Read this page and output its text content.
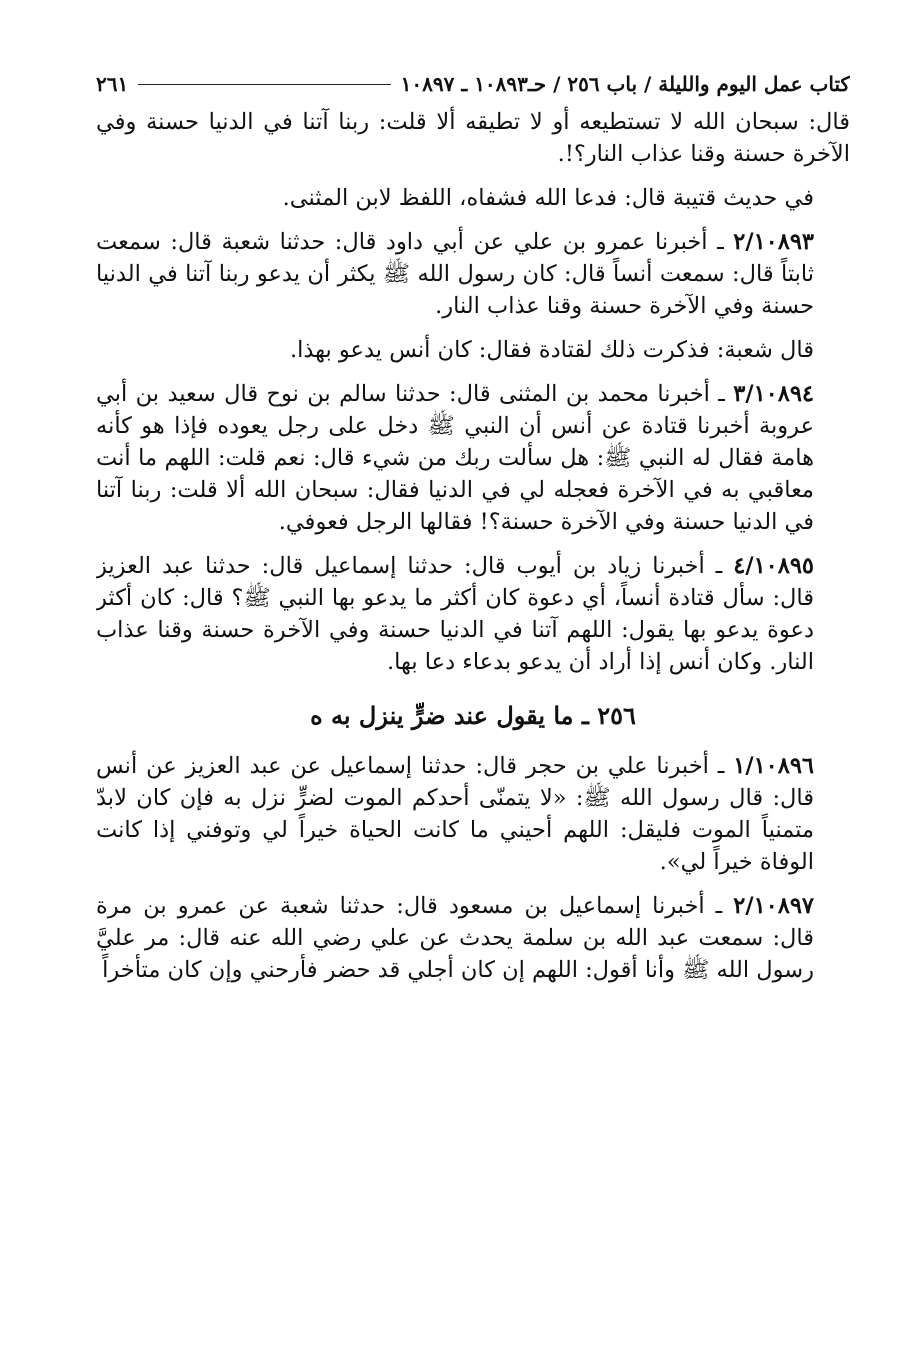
كتاب عمل اليوم والليلة / باب ٢٥٦ / حـ١٠٨٩٣ ـ ١٠٨٩٧
٢٦١

قال: سبحان الله لا تستطيعه أو لا تطيقه ألا قلت: ربنا آتنا في الدنيا حسنة وفي الآخرة حسنة وقنا عذاب النار؟!.

في حديث قتيبة قال: فدعا الله فشفاه، اللفظ لابن المثنى.

٢/١٠٨٩٣ ـ أخبرنا عمرو بن علي عن أبي داود قال: حدثنا شعبة قال: سمعت ثابتاً قال: سمعت أنساً قال: كان رسول الله ﷺ يكثر أن يدعو ربنا آتنا في الدنيا حسنة وفي الآخرة حسنة وقنا عذاب النار.

قال شعبة: فذكرت ذلك لقتادة فقال: كان أنس يدعو بهذا.

٣/١٠٨٩٤ ـ أخبرنا محمد بن المثنى قال: حدثنا سالم بن نوح قال سعيد بن أبي عروبة أخبرنا قتادة عن أنس أن النبي ﷺ دخل على رجل يعوده فإذا هو كأنه هامة فقال له النبي ﷺ: هل سألت ربك من شيء قال: نعم قلت: اللهم ما أنت معاقبي به في الآخرة فعجله لي في الدنيا فقال: سبحان الله ألا قلت: ربنا آتنا في الدنيا حسنة وفي الآخرة حسنة؟! فقالها الرجل فعوفي.

٤/١٠٨٩٥ ـ أخبرنا زياد بن أيوب قال: حدثنا إسماعيل قال: حدثنا عبد العزيز قال: سأل قتادة أنساً، أي دعوة كان أكثر ما يدعو بها النبي ﷺ؟ قال: كان أكثر دعوة يدعو بها يقول: اللهم آتنا في الدنيا حسنة وفي الآخرة حسنة وقنا عذاب النار. وكان أنس إذا أراد أن يدعو بدعاء دعا بها.

٢٥٦ ـ ما يقول عند ضرٍّ ينزل به ه

١/١٠٨٩٦ ـ أخبرنا علي بن حجر قال: حدثنا إسماعيل عن عبد العزيز عن أنس قال: قال رسول الله ﷺ: «لا يتمنّى أحدكم الموت لضرٍّ نزل به فإن كان لابدّ متمنياً الموت فليقل: اللهم أحيني ما كانت الحياة خيراً لي وتوفني إذا كانت الوفاة خيراً لي».

٢/١٠٨٩٧ ـ أخبرنا إسماعيل بن مسعود قال: حدثنا شعبة عن عمرو بن مرة قال: سمعت عبد الله بن سلمة يحدث عن علي رضي الله عنه قال: مر عليَّ رسول الله ﷺ وأنا أقول: اللهم إن كان أجلي قد حضر فأرحني وإن كان متأخراً
